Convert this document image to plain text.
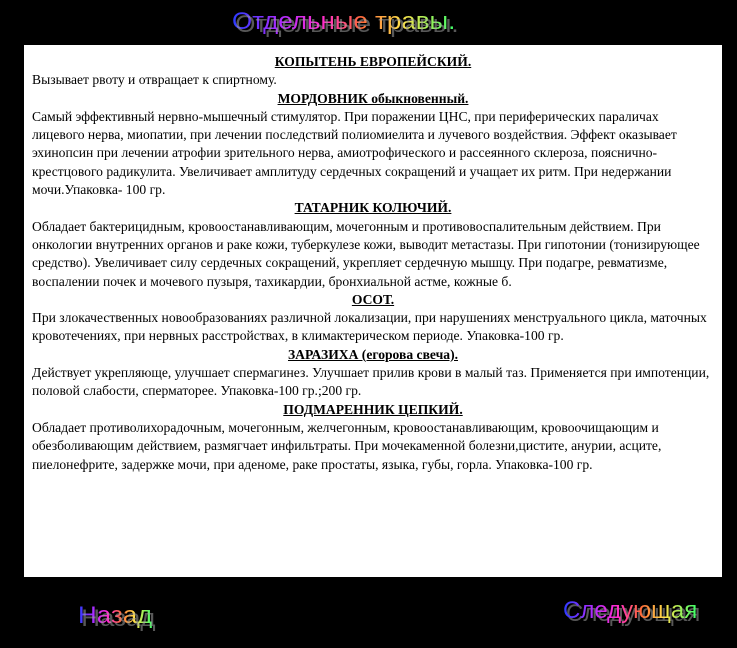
Отдельные травы. Отдельные травы.
КОПЫТЕНЬ ЕВРОПЕЙСКИЙ.
Вызывает рвоту и отвращает к спиртному.
МОРДОВНИК обыкновенный.
Самый эффективный нервно-мышечный стимулятор. При поражении ЦНС, при периферических параличах лицевого нерва, миопатии, при лечении последствий полиомиелита и лучевого воздействия. Эффект оказывает эхинопсин при лечении атрофии зрительного нерва, амиотрофического и рассеянного склероза, пояснично-крестцового радикулита. Увеличивает амплитуду сердечных сокращений и учащает их ритм. При недержании мочи.Упаковка- 100 гр.
ТАТАРНИК КОЛЮЧИЙ.
Обладает бактерицидным, кровоостанавливающим, мочегонным и противовоспалительным действием. При онкологии внутренних органов и раке кожи, туберкулезе кожи, выводит метастазы. При гипотонии (тонизирующее средство). Увеличивает силу сердечных сокращений, укрепляет сердечную мышцу. При подагре, ревматизме, воспалении почек и мочевого пузыря, тахикардии, бронхиальной астме, кожные б.
ОСОТ.
При злокачественных новообразованиях различной локализации, при нарушениях менструального цикла, маточных кровотечениях, при нервных расстройствах, в климактерическом периоде. Упаковка-100 гр.
ЗАРАЗИХА (егорова свеча).
Действует укрепляюще, улучшает спермагинез. Улучшает прилив крови в малый таз. Применяется при импотенции, половой слабости, сперматорее. Упаковка-100 гр.;200 гр.
ПОДМАРЕННИК ЦЕПКИЙ.
Обладает противолихорадочным, мочегонным, желчегонным, кровоостанавливающим, кровоочищающим и обезболивающим действием, размягчает инфильтраты. При мочекаменной болезни,цистите, анурии, асците, пиелонефрите, задержке мочи, при аденоме, раке простаты, языка, губы, горла. Упаковка-100 гр.
Назад Назад	Следующая Следующая
